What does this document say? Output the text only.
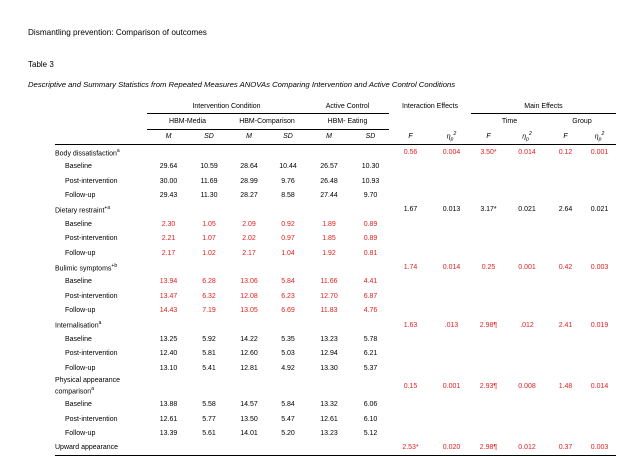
Dismantling prevention: Comparison of outcomes
Table 3
Descriptive and Summary Statistics from Repeated Measures ANOVAs Comparing Intervention and Active Control Conditions
	Intervention Condition				Active Control		Interaction Effects		Main Effects			
	HBM-Media		HBM-Comparison		HBM- Eating				Time		Group	
	M	SD	M	SD	M	SD	F	$\eta_p^2$	F	$\eta_p^2$	F	$\eta_p^2$
Body dissatisfaction$^a$							0.56	0.004	3.50*	0.014	0.12	0.001
Baseline	29.64	10.59	28.64	10.44	26.57	10.30						
Post-intervention	30.00	11.69	28.99	9.76	26.48	10.93						
Follow-up	29.43	11.30	28.27	8.58	27.44	9.70						
Dietary restraint$^{+a}$							1.67	0.013	3.17*	0.021	2.64	0.021
Baseline	2.30	1.05	2.09	0.92	1.89	0.89						
Post-intervention	2.21	1.07	2.02	0.97	1.85	0.89						
Follow-up	2.17	1.02	2.17	1.04	1.92	0.81						
Bulimic symptoms$^{+b}$							1.74	0.014	0.25	0.001	0.42	0.003
Baseline	13.94	6.28	13.06	5.84	11.66	4.41						
Post-intervention	13.47	6.32	12.08	6.23	12.70	6.87						
Follow-up	14.43	7.19	13.05	6.69	11.83	4.76						
Internalisation$^a$							1.63	.013	2.98¶	.012	2.41	0.019
Baseline	13.25	5.92	14.22	5.35	13.23	5.78						
Post-intervention	12.40	5.81	12.60	5.03	12.94	6.21						
Follow-up	13.10	5.41	12.81	4.92	13.30	5.37						
Physical appearance comparison$^a$							0.15	0.001	2.93¶	0.008	1.48	0.014
Baseline	13.88	5.58	14.57	5.84	13.32	6.06						
Post-intervention	12.61	5.77	13.50	5.47	12.61	6.10						
Follow-up	13.39	5.61	14.01	5.20	13.23	5.12						
Upward appearance							2.53*	0.020	2.98¶	0.012	0.37	0.003
